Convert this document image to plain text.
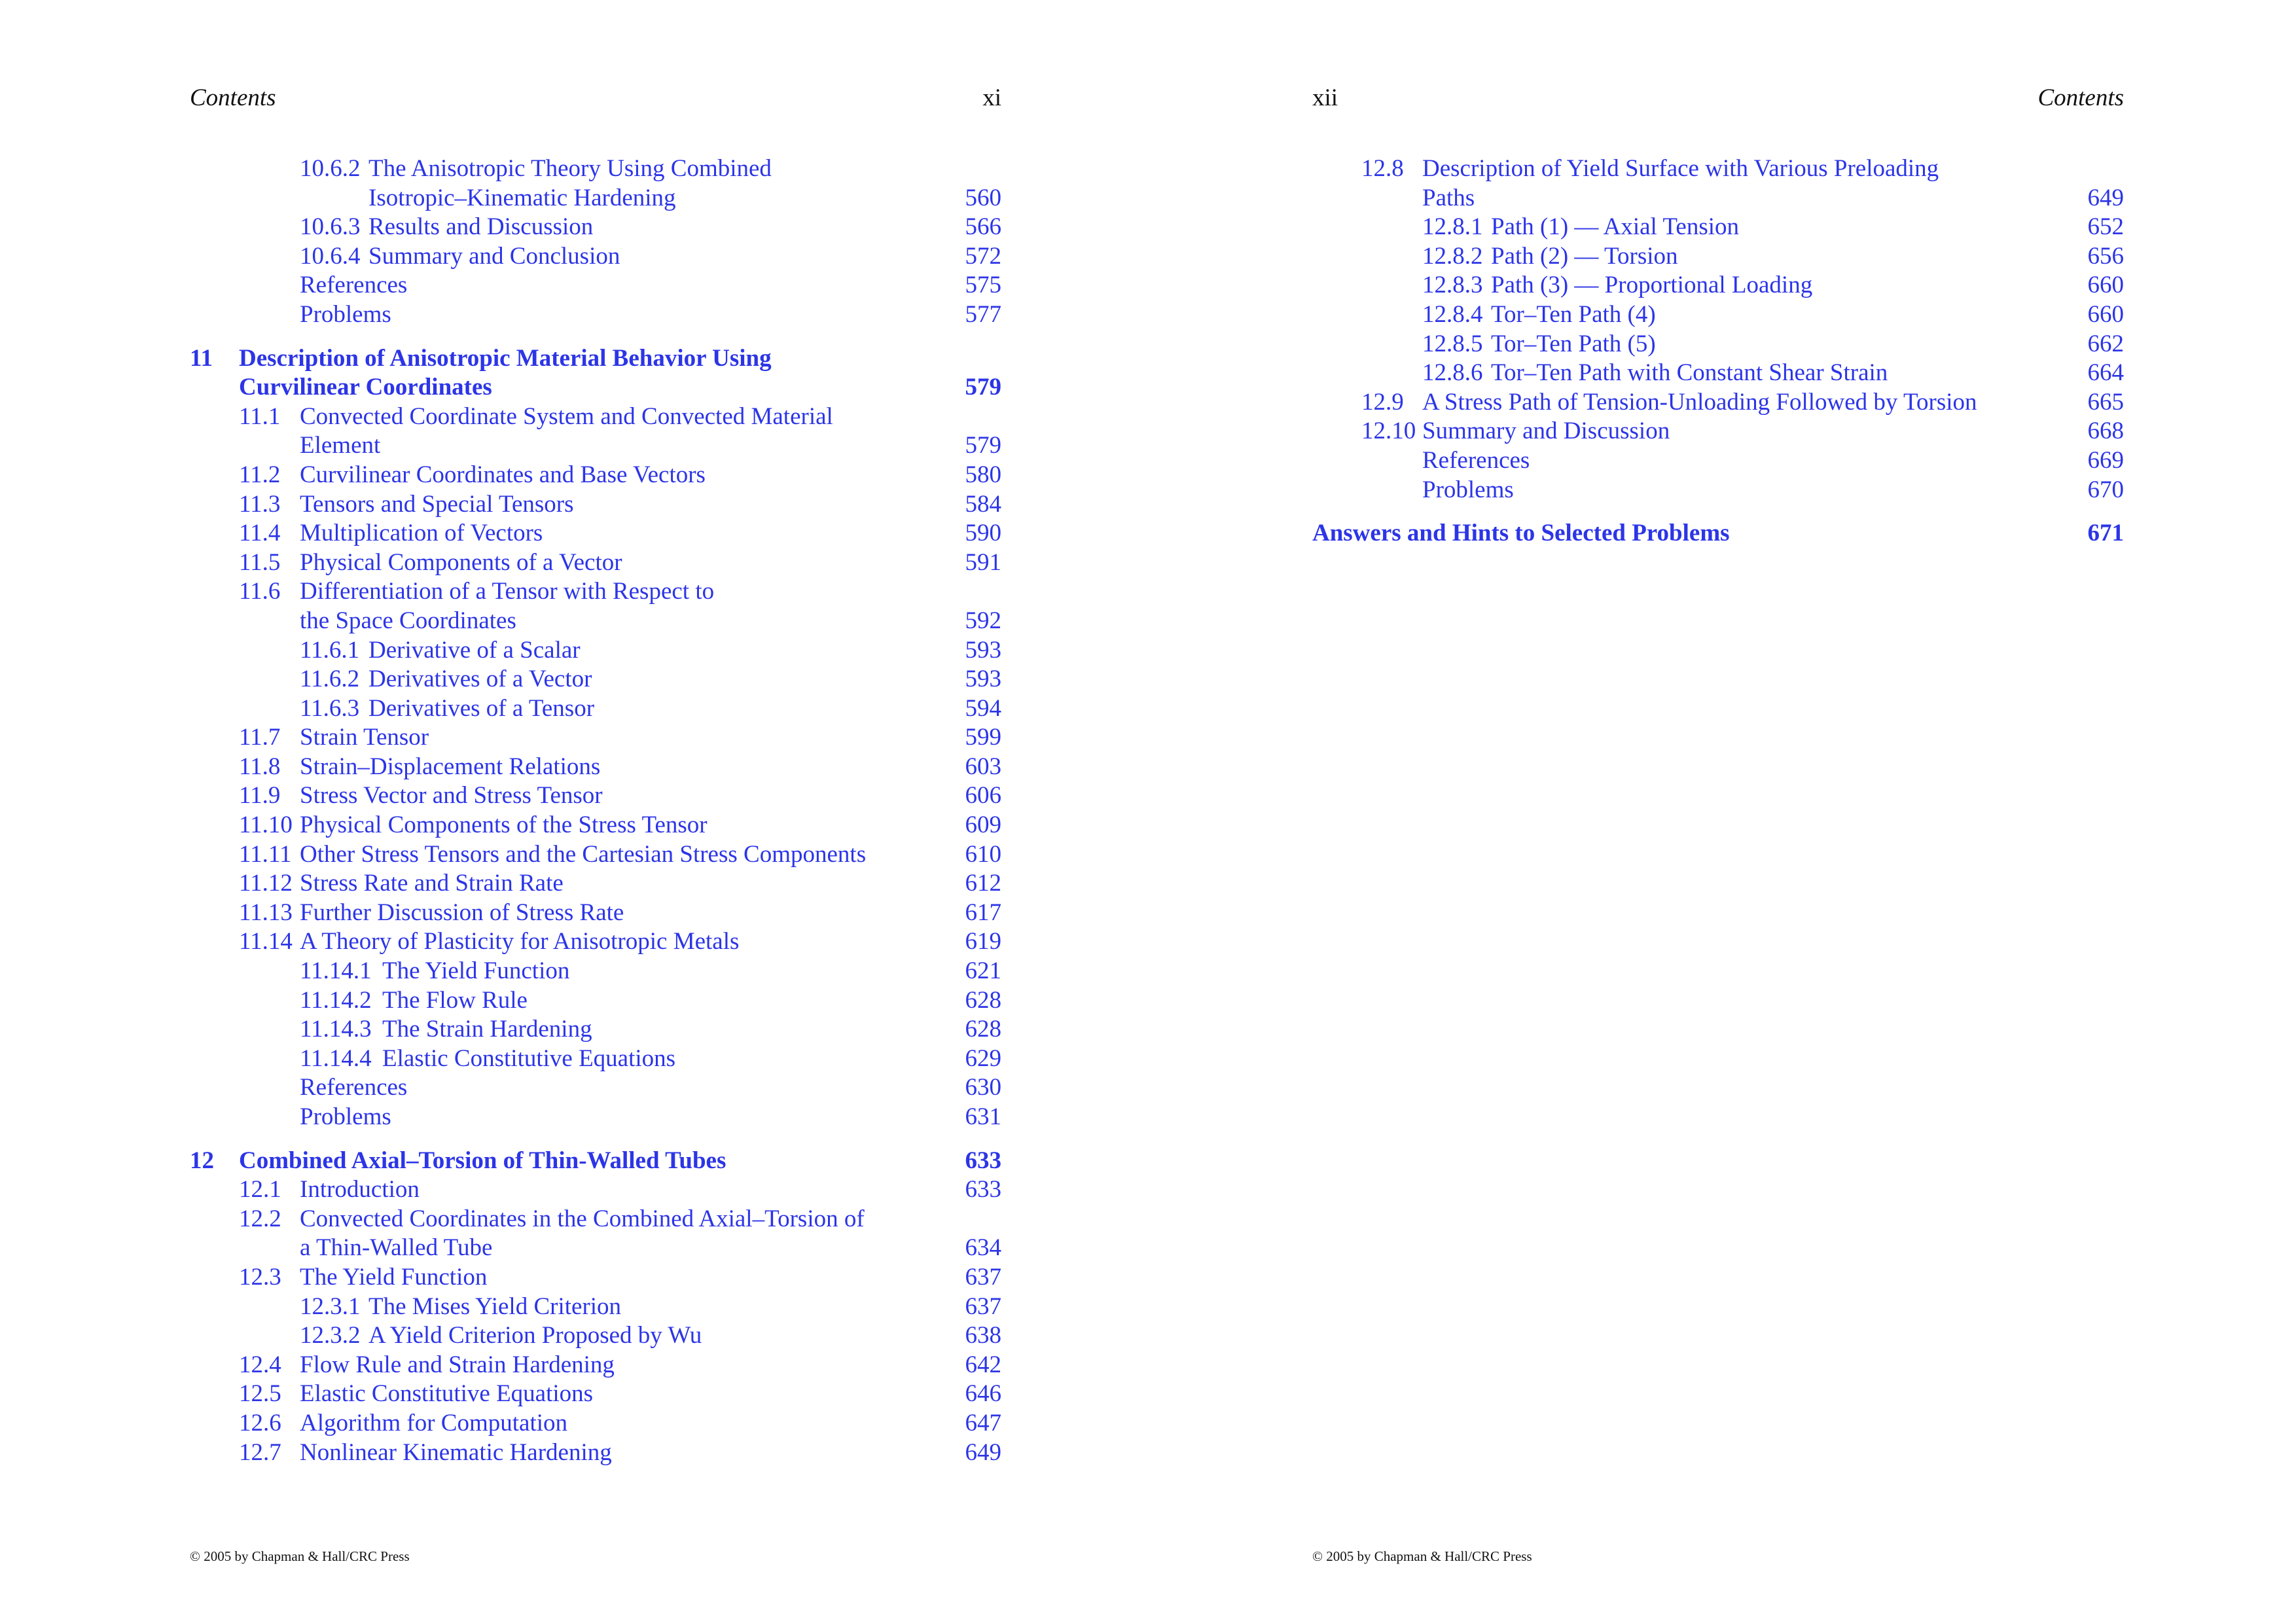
Contents	xi
10.6.2 The Anisotropic Theory Using Combined
Isotropic–Kinematic Hardening	560
10.6.3 Results and Discussion	566
10.6.4 Summary and Conclusion	572
References	575
Problems	577
11 Description of Anisotropic Material Behavior Using
Curvilinear Coordinates	579
11.1 Convected Coordinate System and Convected Material
Element	579
11.2 Curvilinear Coordinates and Base Vectors	580
11.3 Tensors and Special Tensors	584
11.4 Multiplication of Vectors	590
11.5 Physical Components of a Vector	591
11.6 Differentiation of a Tensor with Respect to
the Space Coordinates	592
11.6.1 Derivative of a Scalar	593
11.6.2 Derivatives of a Vector	593
11.6.3 Derivatives of a Tensor	594
11.7 Strain Tensor	599
11.8 Strain–Displacement Relations	603
11.9 Stress Vector and Stress Tensor	606
11.10 Physical Components of the Stress Tensor	609
11.11 Other Stress Tensors and the Cartesian Stress Components	610
11.12 Stress Rate and Strain Rate	612
11.13 Further Discussion of Stress Rate	617
11.14 A Theory of Plasticity for Anisotropic Metals	619
11.14.1 The Yield Function	621
11.14.2 The Flow Rule	628
11.14.3 The Strain Hardening	628
11.14.4 Elastic Constitutive Equations	629
References	630
Problems	631
12 Combined Axial–Torsion of Thin-Walled Tubes	633
12.1 Introduction	633
12.2 Convected Coordinates in the Combined Axial–Torsion of
a Thin-Walled Tube	634
12.3 The Yield Function	637
12.3.1 The Mises Yield Criterion	637
12.3.2 A Yield Criterion Proposed by Wu	638
12.4 Flow Rule and Strain Hardening	642
12.5 Elastic Constitutive Equations	646
12.6 Algorithm for Computation	647
12.7 Nonlinear Kinematic Hardening	649
© 2005 by Chapman & Hall/CRC Press
xii	Contents
12.8 Description of Yield Surface with Various Preloading
Paths	649
12.8.1 Path (1) — Axial Tension	652
12.8.2 Path (2) — Torsion	656
12.8.3 Path (3) — Proportional Loading	660
12.8.4 Tor–Ten Path (4)	660
12.8.5 Tor–Ten Path (5)	662
12.8.6 Tor–Ten Path with Constant Shear Strain	664
12.9 A Stress Path of Tension-Unloading Followed by Torsion	665
12.10 Summary and Discussion	668
References	669
Problems	670
Answers and Hints to Selected Problems	671
© 2005 by Chapman & Hall/CRC Press
